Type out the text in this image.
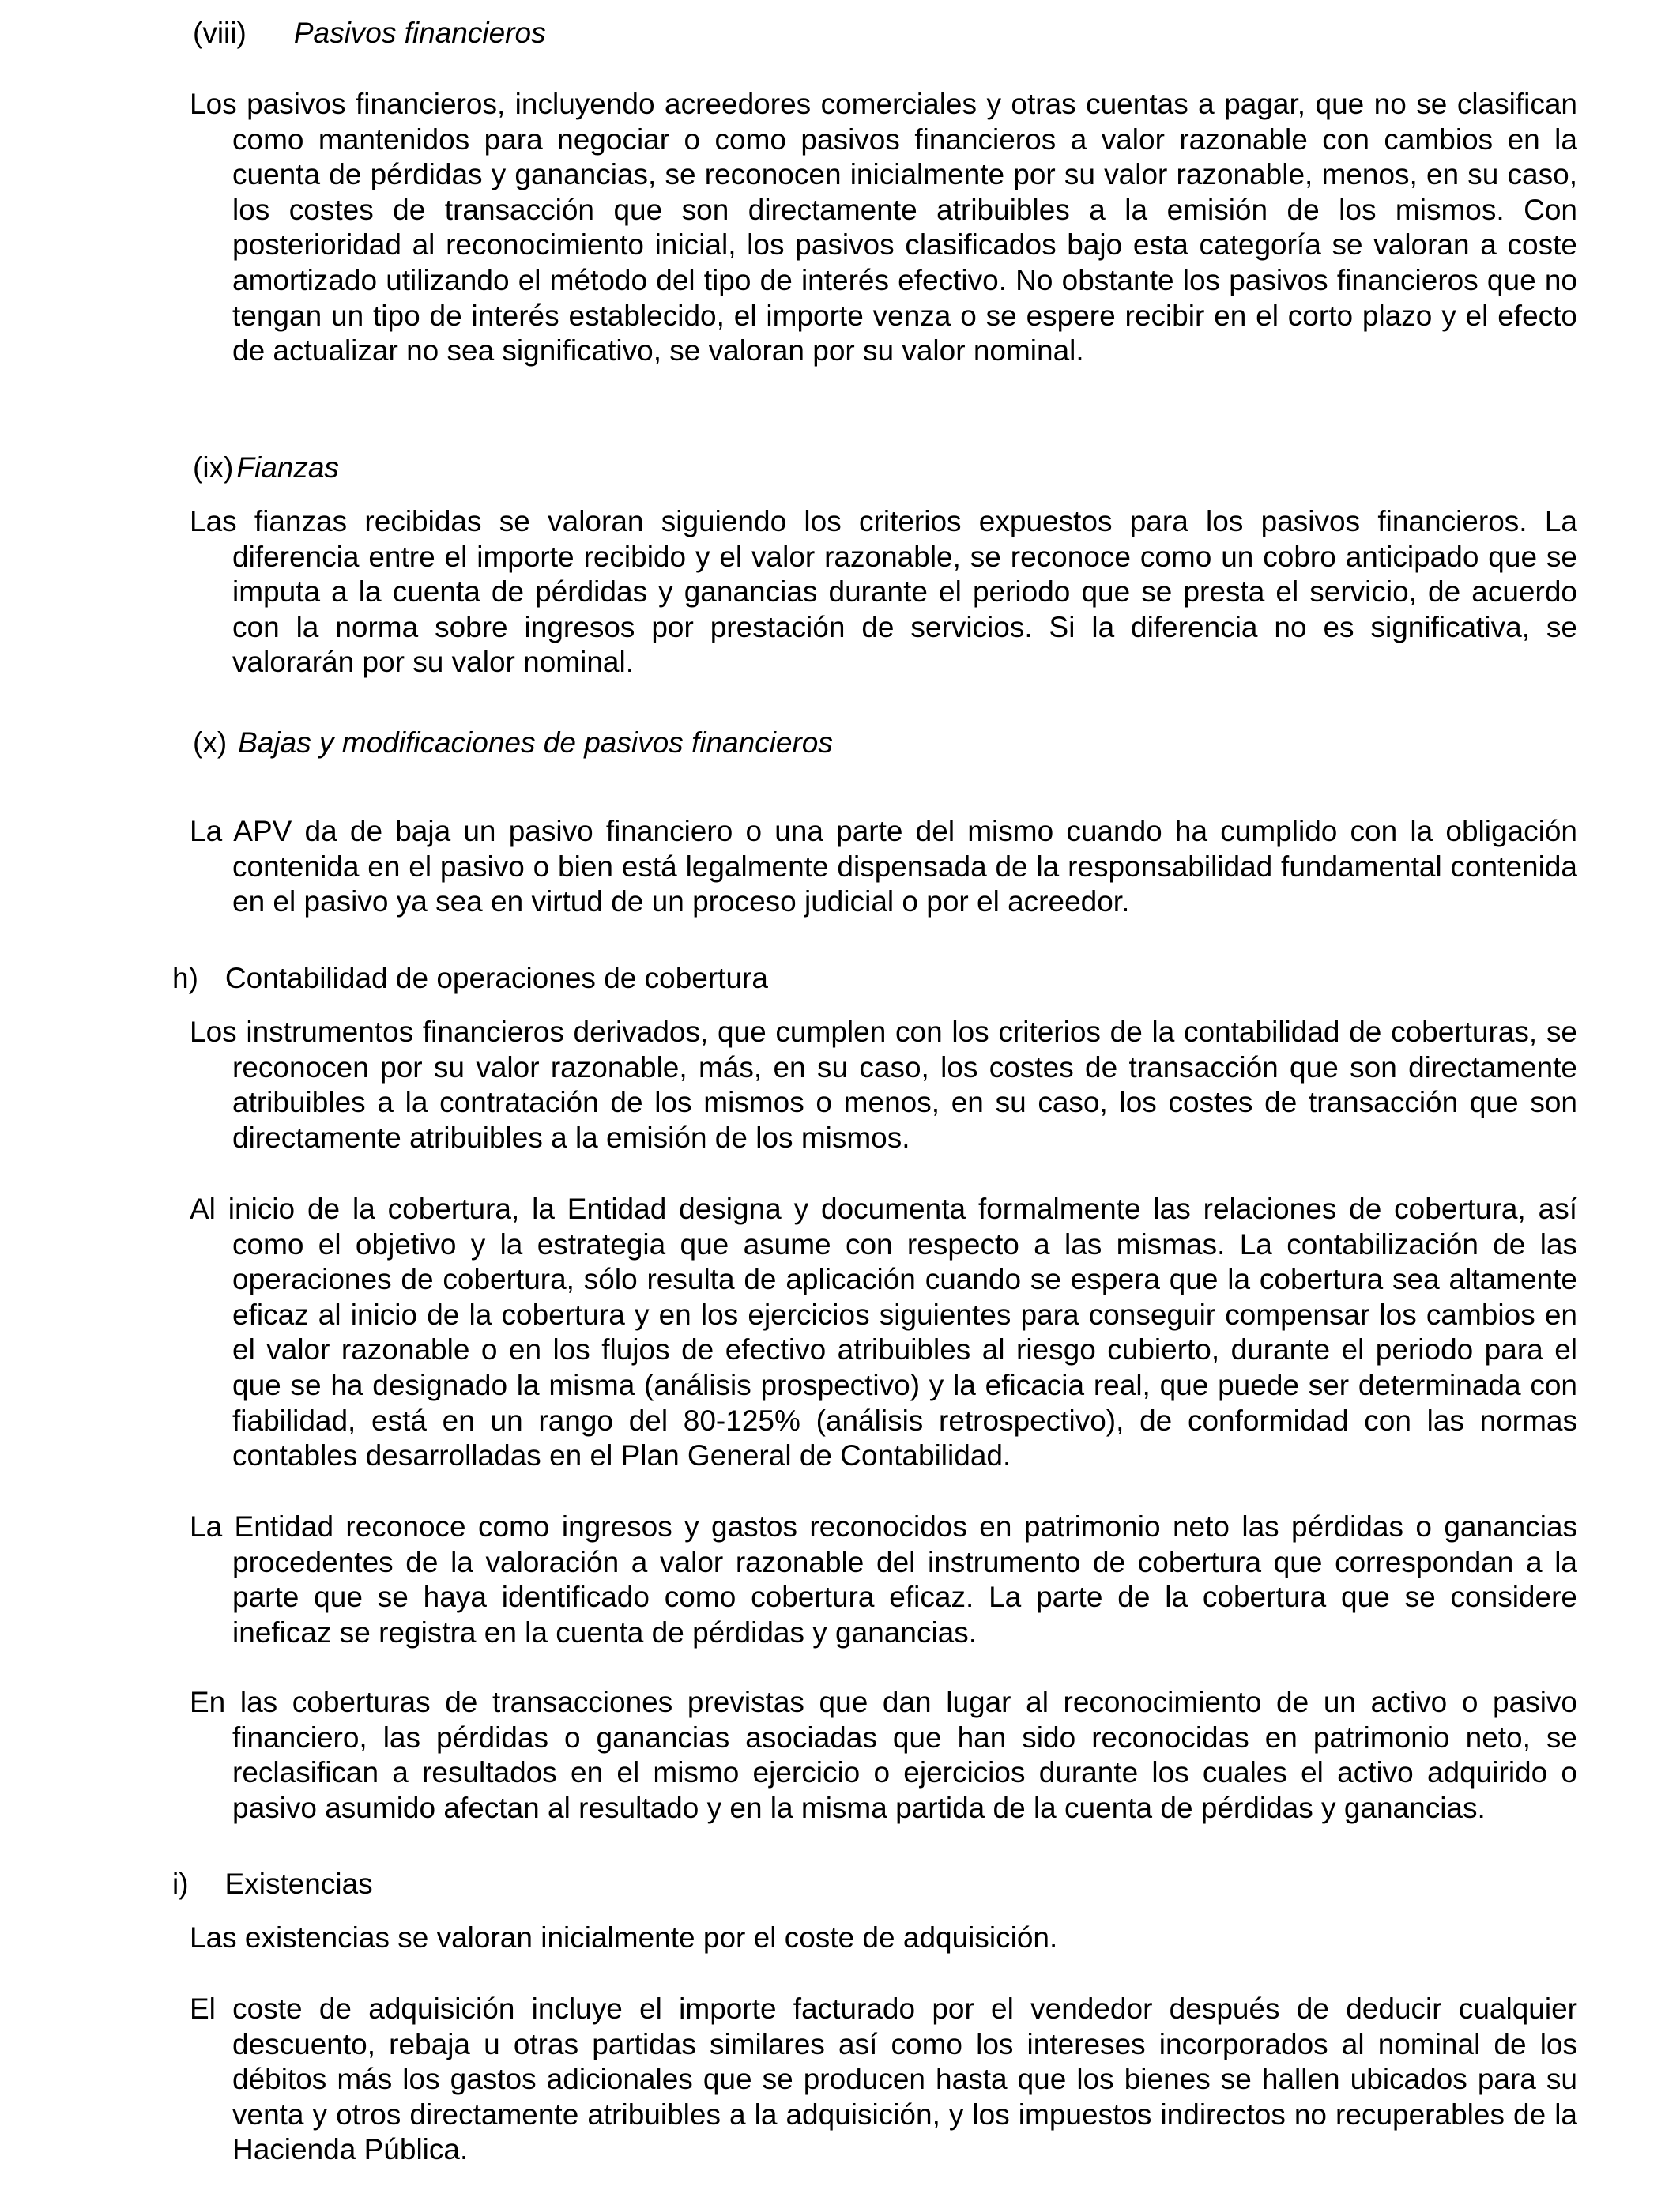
(viii) Pasivos financieros

Los pasivos financieros, incluyendo acreedores comerciales y otras cuentas a pagar, que no se clasifican como mantenidos para negociar o como pasivos financieros a valor razonable con cambios en la cuenta de pérdidas y ganancias, se reconocen inicialmente por su valor razonable, menos, en su caso, los costes de transacción que son directamente atribuibles a la emisión de los mismos. Con posterioridad al reconocimiento inicial, los pasivos clasificados bajo esta categoría se valoran a coste amortizado utilizando el método del tipo de interés efectivo. No obstante los pasivos financieros que no tengan un tipo de interés establecido, el importe venza o se espere recibir en el corto plazo y el efecto de actualizar no sea significativo, se valoran por su valor nominal.

(ix) Fianzas

Las fianzas recibidas se valoran siguiendo los criterios expuestos para los pasivos financieros. La diferencia entre el importe recibido y el valor razonable, se reconoce como un cobro anticipado que se imputa a la cuenta de pérdidas y ganancias durante el periodo que se presta el servicio, de acuerdo con la norma sobre ingresos por prestación de servicios. Si la diferencia no es significativa, se valorarán por su valor nominal.

(x) Bajas y modificaciones de pasivos financieros

La APV da de baja un pasivo financiero o una parte del mismo cuando ha cumplido con la obligación contenida en el pasivo o bien está legalmente dispensada de la responsabilidad fundamental contenida en el pasivo ya sea en virtud de un proceso judicial o por el acreedor.

h) Contabilidad de operaciones de cobertura

Los instrumentos financieros derivados, que cumplen con los criterios de la contabilidad de coberturas, se reconocen por su valor razonable, más, en su caso, los costes de transacción que son directamente atribuibles a la contratación de los mismos o menos, en su caso, los costes de transacción que son directamente atribuibles a la emisión de los mismos.

Al inicio de la cobertura, la Entidad designa y documenta formalmente las relaciones de cobertura, así como el objetivo y la estrategia que asume con respecto a las mismas. La contabilización de las operaciones de cobertura, sólo resulta de aplicación cuando se espera que la cobertura sea altamente eficaz al inicio de la cobertura y en los ejercicios siguientes para conseguir compensar los cambios en el valor razonable o en los flujos de efectivo atribuibles al riesgo cubierto, durante el periodo para el que se ha designado la misma (análisis prospectivo) y la eficacia real, que puede ser determinada con fiabilidad, está en un rango del 80-125% (análisis retrospectivo), de conformidad con las normas contables desarrolladas en el Plan General de Contabilidad.

La Entidad reconoce como ingresos y gastos reconocidos en patrimonio neto las pérdidas o ganancias procedentes de la valoración a valor razonable del instrumento de cobertura que correspondan a la parte que se haya identificado como cobertura eficaz. La parte de la cobertura que se considere ineficaz se registra en la cuenta de pérdidas y ganancias.

En las coberturas de transacciones previstas que dan lugar al reconocimiento de un activo o pasivo financiero, las pérdidas o ganancias asociadas que han sido reconocidas en patrimonio neto, se reclasifican a resultados en el mismo ejercicio o ejercicios durante los cuales el activo adquirido o pasivo asumido afectan al resultado y en la misma partida de la cuenta de pérdidas y ganancias.

i) Existencias

Las existencias se valoran inicialmente por el coste de adquisición.

El coste de adquisición incluye el importe facturado por el vendedor después de deducir cualquier descuento, rebaja u otras partidas similares así como los intereses incorporados al nominal de los débitos más los gastos adicionales que se producen hasta que los bienes se hallen ubicados para su venta y otros directamente atribuibles a la adquisición, y los impuestos indirectos no recuperables de la Hacienda Pública.
